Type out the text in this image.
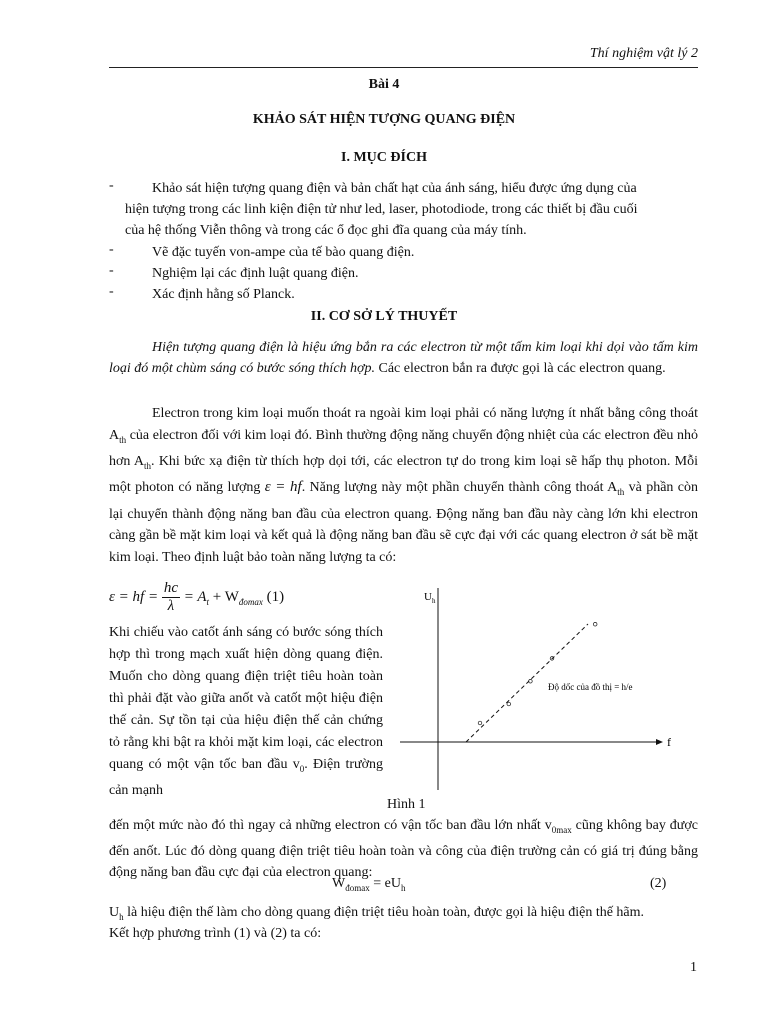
Thí nghiệm vật lý 2
Bài 4
KHẢO SÁT HIỆN TƯỢNG QUANG ĐIỆN
I. MỤC ĐÍCH
-	Khảo sát hiện tượng quang điện và bản chất hạt của ánh sáng, hiểu được ứng dụng của
hiện tượng trong các linh kiện điện tử như led, laser, photodiode, trong các thiết bị đầu cuối
của hệ thống Viễn thông và trong các ổ đọc ghi đĩa quang của máy tính.
-	Vẽ đặc tuyến von-ampe của tế bào quang điện.
-	Nghiệm lại các định luật quang điện.
-	Xác định hằng số Planck.
II. CƠ SỞ LÝ THUYẾT

Hiện tượng quang điện là hiệu ứng bắn ra các electron từ một tấm kim loại khi dọi vào tấm kim loại đó một chùm sáng có bước sóng thích hợp. Các electron bắn ra được gọi là các electron quang.

Electron trong kim loại muốn thoát ra ngoài kim loại phải có năng lượng ít nhất bằng công thoát $A_{th}$ của electron đối với kim loại đó. Bình thường động năng chuyển động nhiệt của các electron đều nhỏ hơn $A_{th}$. Khi bức xạ điện từ thích hợp dọi tới, các electron tự do trong kim loại sẽ hấp thụ photon. Mỗi một photon có năng lượng ε = hf. Năng lượng này một phần chuyển thành công thoát $A_{th}$ và phần còn lại chuyển thành động năng ban đầu của electron quang. Động năng ban đầu này càng lớn khi electron càng gần bề mặt kim loại và kết quả là động năng ban đầu sẽ cực đại với các quang electron ở sát bề mặt kim loại. Theo định luật bảo toàn năng lượng ta có:

ε = hf = $\frac{hc}{\lambda} = A_t + W_{đomax}$ (1)
Khi chiếu vào catốt ánh sáng có bước sóng thích hợp thì trong mạch xuất hiện dòng quang điện. Muốn cho dòng quang điện triệt tiêu hoàn toàn thì phải đặt vào giữa anốt và catốt một hiệu điện thế cản. Sự tồn tại của hiệu điện thế cản chứng tỏ rằng khi bật ra khỏi mặt kim loại, các electron quang có một vận tốc ban đầu $v_0$. Điện trường cản mạnh
$U_h$
f
Độ dốc của đồ thị = h/e
Hình 1

đến một mức nào đó thì ngay cả những electron có vận tốc ban đầu lớn nhất $v_{0max}$ cũng không bay được đến anốt. Lúc đó dòng quang điện triệt tiêu hoàn toàn và công của điện trường cản có giá trị đúng bằng động năng ban đầu cực đại của electron quang:

$W_{đomax} = eU_h$	(2)

$U_h$ là hiệu điện thế làm cho dòng quang điện triệt tiêu hoàn toàn, được gọi là hiệu điện thế hãm.

Kết hợp phương trình (1) và (2) ta có:
1
